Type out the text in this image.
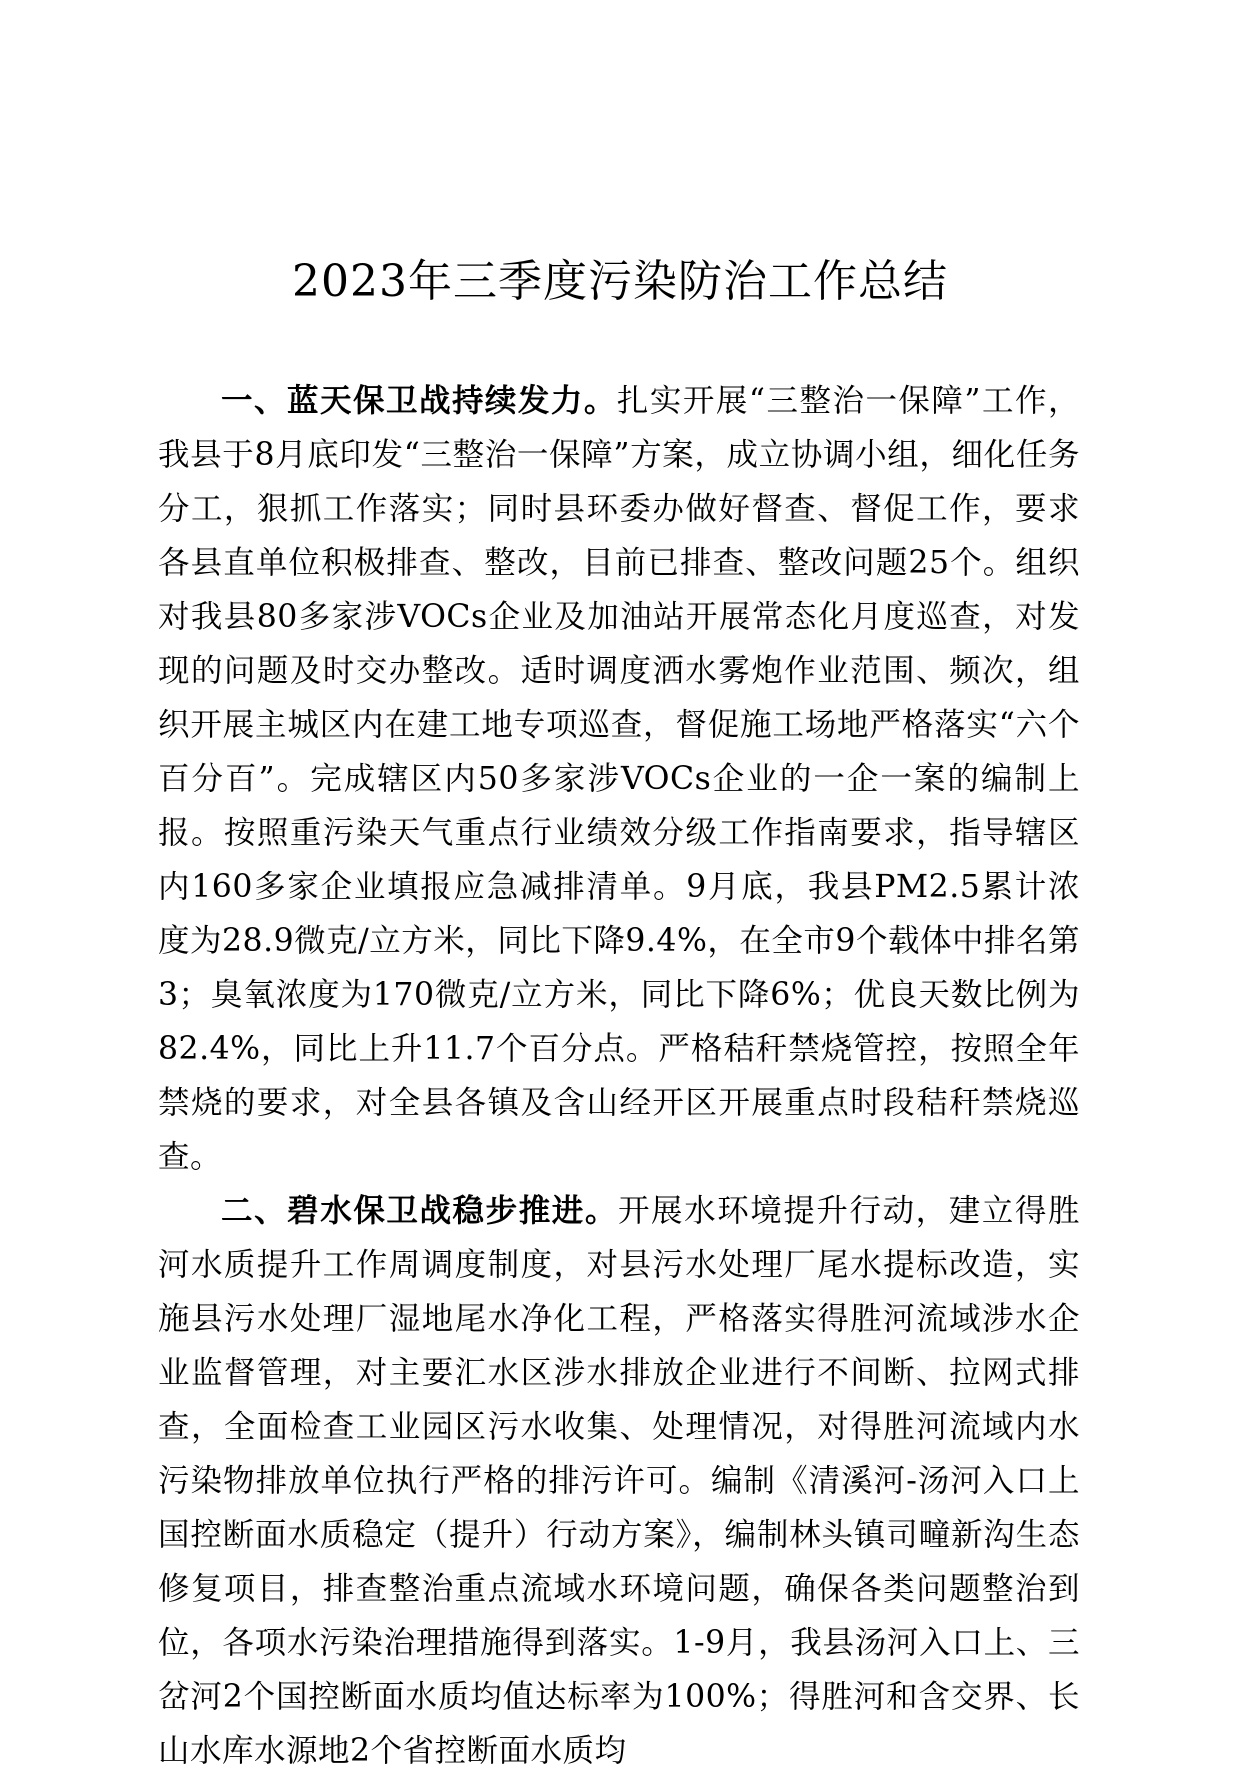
2023年三季度污染防治工作总结

一、蓝天保卫战持续发力。扎实开展“三整治一保障”工作，我县于8月底印发“三整治一保障”方案，成立协调小组，细化任务分工，狠抓工作落实；同时县环委办做好督查、督促工作，要求各县直单位积极排查、整改，目前已排查、整改问题25个。组织对我县80多家涉VOCs企业及加油站开展常态化月度巡查，对发现的问题及时交办整改。适时调度洒水雾炮作业范围、频次，组织开展主城区内在建工地专项巡查，督促施工场地严格落实“六个百分百”。完成辖区内50多家涉VOCs企业的一企一案的编制上报。按照重污染天气重点行业绩效分级工作指南要求，指导辖区内160多家企业填报应急减排清单。9月底，我县PM2.5累计浓度为28.9微克/立方米，同比下降9.4%，在全市9个载体中排名第3；臭氧浓度为170微克/立方米，同比下降6%；优良天数比例为82.4%，同比上升11.7个百分点。严格秸秆禁烧管控，按照全年禁烧的要求，对全县各镇及含山经开区开展重点时段秸秆禁烧巡查。

二、碧水保卫战稳步推进。开展水环境提升行动，建立得胜河水质提升工作周调度制度，对县污水处理厂尾水提标改造，实施县污水处理厂湿地尾水净化工程，严格落实得胜河流域涉水企业监督管理，对主要汇水区涉水排放企业进行不间断、拉网式排查，全面检查工业园区污水收集、处理情况，对得胜河流域内水污染物排放单位执行严格的排污许可。编制《清溪河-汤河入口上国控断面水质稳定（提升）行动方案》，编制林头镇司疃新沟生态修复项目，排查整治重点流域水环境问题，确保各类问题整治到位，各项水污染治理措施得到落实。1-9月，我县汤河入口上、三岔河2个国控断面水质均值达标率为100%；得胜河和含交界、长山水库水源地2个省控断面水质均
